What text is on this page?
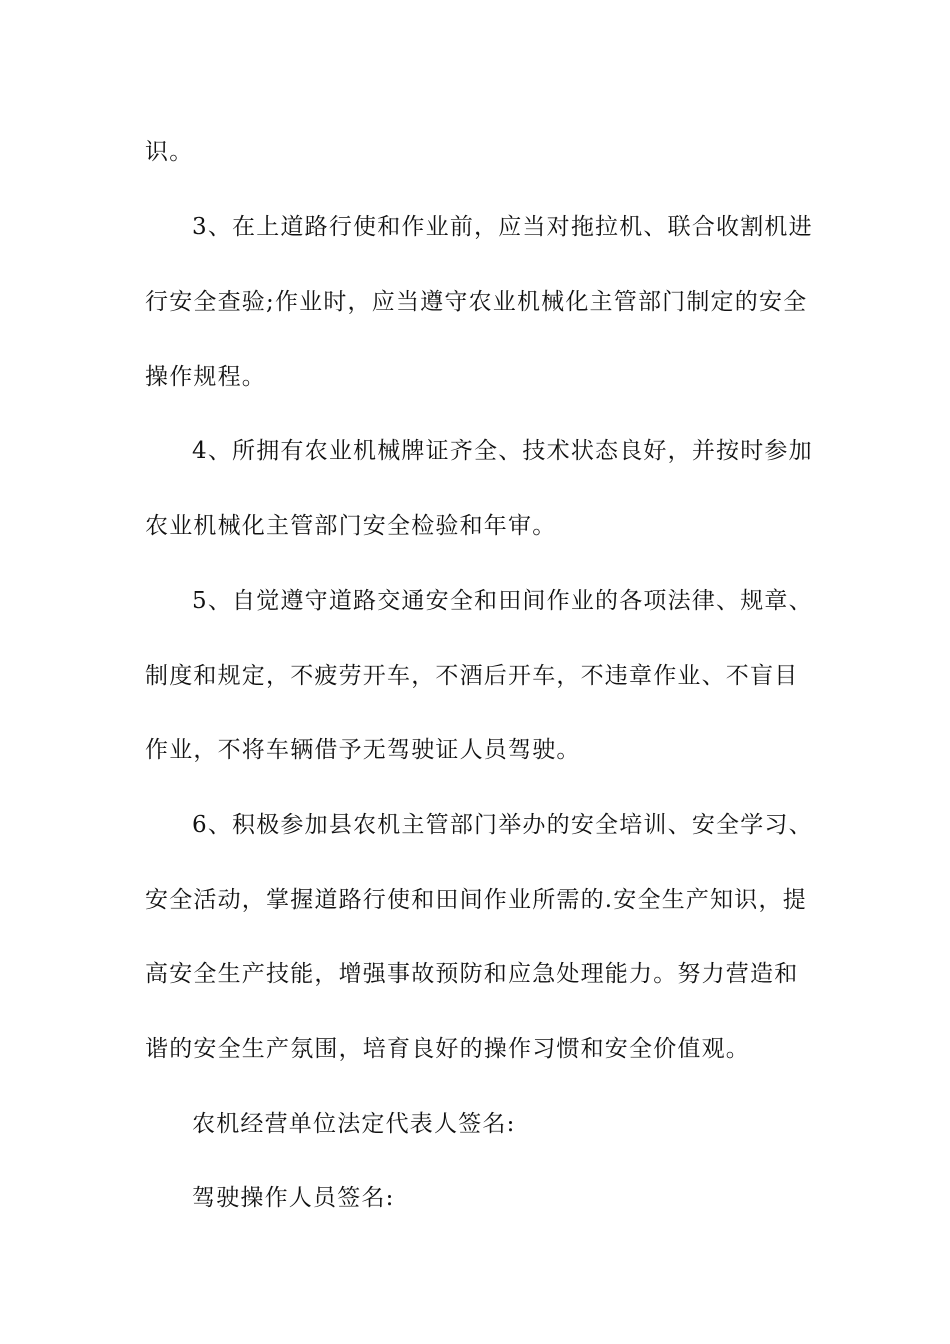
识。
3、在上道路行使和作业前，应当对拖拉机、联合收割机进
行安全查验;作业时，应当遵守农业机械化主管部门制定的安全
操作规程。
4、所拥有农业机械牌证齐全、技术状态良好，并按时参加
农业机械化主管部门安全检验和年审。
5、自觉遵守道路交通安全和田间作业的各项法律、规章、
制度和规定，不疲劳开车，不酒后开车，不违章作业、不盲目
作业，不将车辆借予无驾驶证人员驾驶。
6、积极参加县农机主管部门举办的安全培训、安全学习、
安全活动，掌握道路行使和田间作业所需的.安全生产知识，提
高安全生产技能，增强事故预防和应急处理能力。努力营造和
谐的安全生产氛围，培育良好的操作习惯和安全价值观。
农机经营单位法定代表人签名:
驾驶操作人员签名:
